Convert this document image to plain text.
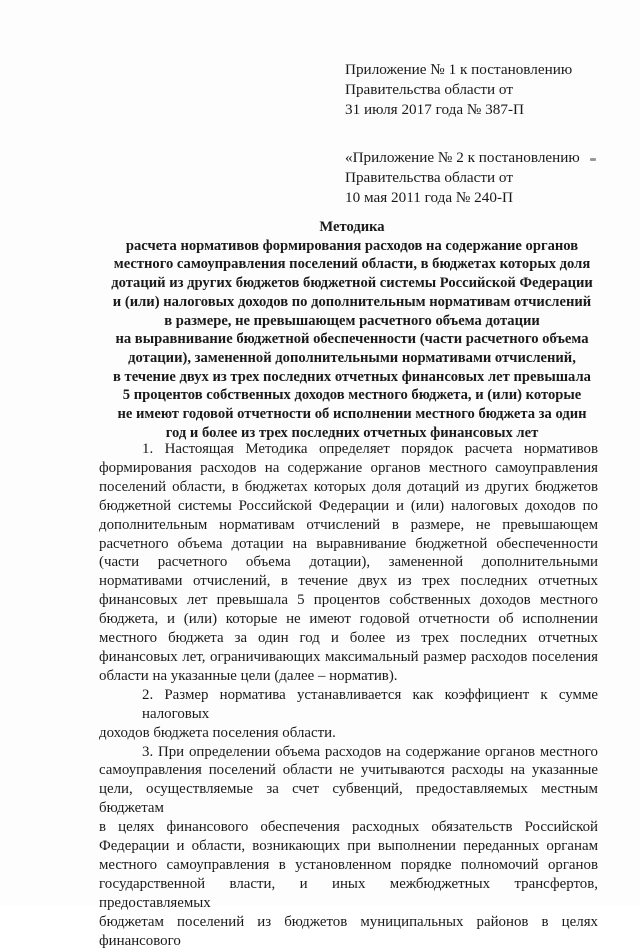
Приложение № 1 к постановлению
Правительства области от
31 июля 2017 года № 387-П
«Приложение № 2 к постановлению
Правительства области от
10 мая 2011 года № 240-П
Методика
расчета нормативов формирования расходов на содержание органов
местного самоуправления поселений области, в бюджетах которых доля
дотаций из других бюджетов бюджетной системы Российской Федерации
и (или) налоговых доходов по дополнительным нормативам отчислений
в размере, не превышающем расчетного объема дотации
на выравнивание бюджетной обеспеченности (части расчетного объема
дотации), замененной дополнительными нормативами отчислений,
в течение двух из трех последних отчетных финансовых лет превышала
5 процентов собственных доходов местного бюджета, и (или) которые
не имеют годовой отчетности об исполнении местного бюджета за один
год и более из трех последних отчетных финансовых лет

1. Настоящая Методика определяет порядок расчета нормативов
формирования расходов на содержание органов местного самоуправления
поселений области, в бюджетах которых доля дотаций из других бюджетов
бюджетной системы Российской Федерации и (или) налоговых доходов по
дополнительным нормативам отчислений в размере, не превышающем
расчетного объема дотации на выравнивание бюджетной обеспеченности
(части расчетного объема дотации), замененной дополнительными
нормативами отчислений, в течение двух из трех последних отчетных
финансовых лет превышала 5 процентов собственных доходов местного
бюджета, и (или) которые не имеют годовой отчетности об исполнении
местного бюджета за один год и более из трех последних отчетных
финансовых лет, ограничивающих максимальный размер расходов поселения
области на указанные цели (далее – норматив).

2. Размер норматива устанавливается как коэффициент к сумме налоговых
доходов бюджета поселения области.

3. При определении объема расходов на содержание органов местного
самоуправления поселений области не учитываются расходы на указанные
цели, осуществляемые за счет субвенций, предоставляемых местным бюджетам
в целях финансового обеспечения расходных обязательств Российской
Федерации и области, возникающих при выполнении переданных органам
местного самоуправления в установленном порядке полномочий органов
государственной власти, и иных межбюджетных трансфертов, предоставляемых
бюджетам поселений из бюджетов муниципальных районов в целях финансового
